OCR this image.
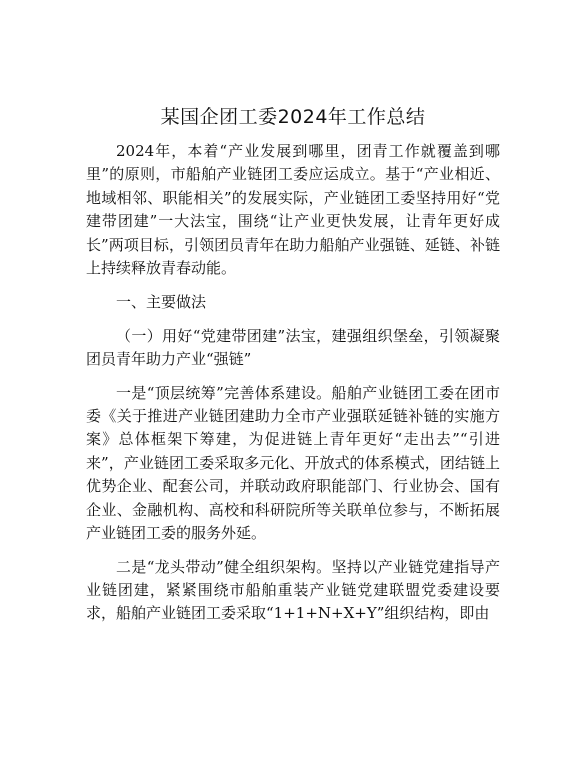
某国企团工委2024年工作总结

2024年，本着“产业发展到哪里，团青工作就覆盖到哪里”的原则，市船舶产业链团工委应运成立。基于“产业相近、地域相邻、职能相关”的发展实际，产业链团工委坚持用好“党建带团建”一大法宝，围绕“让产业更快发展，让青年更好成长”两项目标，引领团员青年在助力船舶产业强链、延链、补链上持续释放青春动能。

一、主要做法

（一）用好“党建带团建”法宝，建强组织堡垒，引领凝聚团员青年助力产业“强链”

一是“顶层统筹”完善体系建设。船舶产业链团工委在团市委《关于推进产业链团建助力全市产业强联延链补链的实施方案》总体框架下筹建，为促进链上青年更好“走出去”“引进来”，产业链团工委采取多元化、开放式的体系模式，团结链上优势企业、配套公司，并联动政府职能部门、行业协会、国有企业、金融机构、高校和科研院所等关联单位参与，不断拓展产业链团工委的服务外延。

二是“龙头带动”健全组织架构。坚持以产业链党建指导产业链团建，紧紧围绕市船舶重装产业链党建联盟党委建设要求，船舶产业链团工委采取“1+1+N+X+Y”组织结构，即由
